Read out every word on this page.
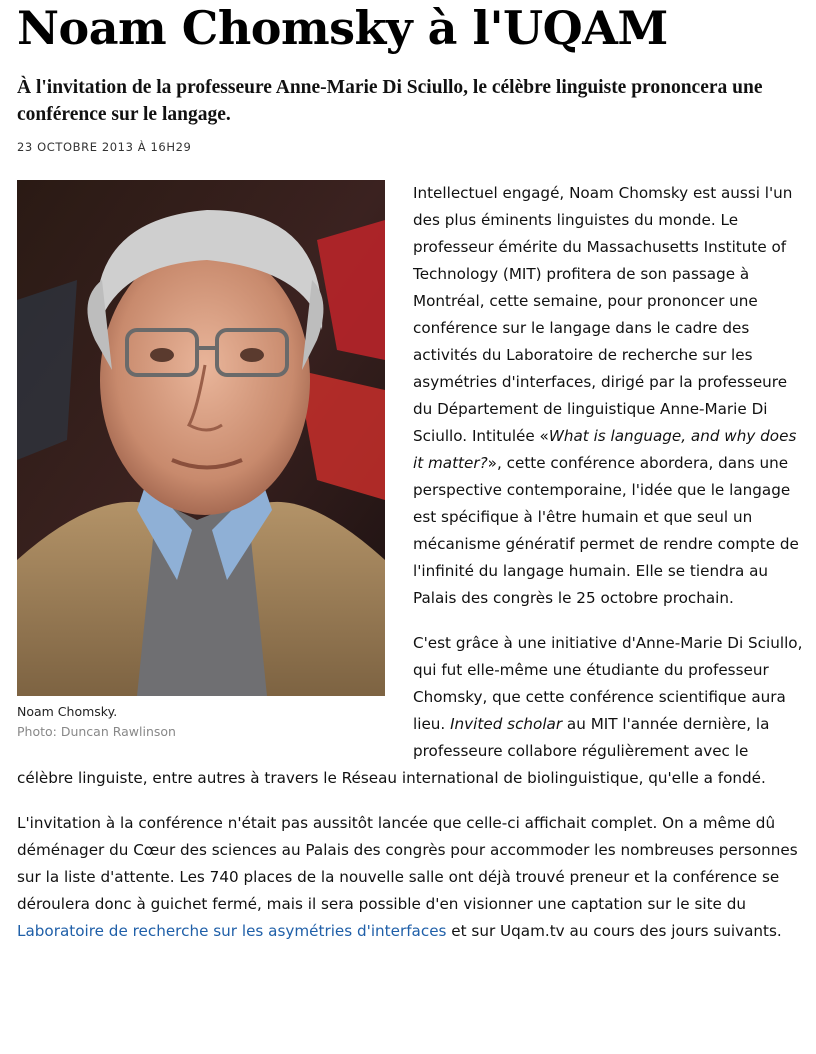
Noam Chomsky à l'UQAM
À l'invitation de la professeure Anne-Marie Di Sciullo, le célèbre linguiste prononcera une conférence sur le langage.
23 OCTOBRE 2013 À 16H29
Noam Chomsky.
Photo: Duncan Rawlinson

Intellectuel engagé, Noam Chomsky est aussi l'un des plus éminents linguistes du monde. Le professeur émérite du Massachusetts Institute of Technology (MIT) profitera de son passage à Montréal, cette semaine, pour prononcer une conférence sur le langage dans le cadre des activités du Laboratoire de recherche sur les asymétries d'interfaces, dirigé par la professeure du Département de linguistique Anne-Marie Di Sciullo. Intitulée «What is language, and why does it matter?», cette conférence abordera, dans une perspective contemporaine, l'idée que le langage est spécifique à l'être humain et que seul un mécanisme génératif permet de rendre compte de l'infinité du langage humain. Elle se tiendra au Palais des congrès le 25 octobre prochain.

C'est grâce à une initiative d'Anne-Marie Di Sciullo, qui fut elle-même une étudiante du professeur Chomsky, que cette conférence scientifique aura lieu. Invited scholar au MIT l'année dernière, la professeure collabore régulièrement avec le célèbre linguiste, entre autres à travers le Réseau international de biolinguistique, qu'elle a fondé.

L'invitation à la conférence n'était pas aussitôt lancée que celle-ci affichait complet. On a même dû déménager du Cœur des sciences au Palais des congrès pour accommoder les nombreuses personnes sur la liste d'attente. Les 740 places de la nouvelle salle ont déjà trouvé preneur et la conférence se déroulera donc à guichet fermé, mais il sera possible d'en visionner une captation sur le site du Laboratoire de recherche sur les asymétries d'interfaces et sur Uqam.tv au cours des jours suivants.
